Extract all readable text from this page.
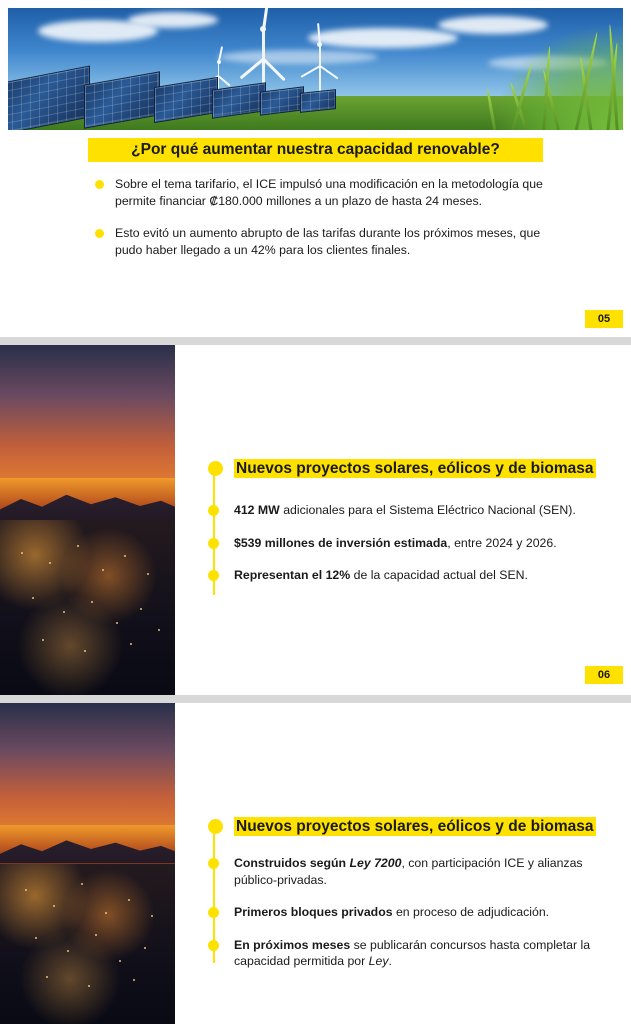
¿Por qué aumentar nuestra capacidad renovable?
Sobre el tema tarifario, el ICE impulsó una modificación en la metodología que permite financiar ₡180.000 millones a un plazo de hasta 24 meses.
Esto evitó un aumento abrupto de las tarifas durante los próximos meses, que pudo haber llegado a un 42% para los clientes finales.
05
Nuevos proyectos solares, eólicos y de biomasa
412 MW adicionales para el Sistema Eléctrico Nacional (SEN).
$539 millones de inversión estimada, entre 2024 y 2026.
Representan el 12% de la capacidad actual del SEN.
06
Nuevos proyectos solares, eólicos y de biomasa
Construidos según Ley 7200, con participación ICE y alianzas público-privadas.
Primeros bloques privados en proceso de adjudicación.
En próximos meses se publicarán concursos hasta completar la capacidad permitida por Ley.
